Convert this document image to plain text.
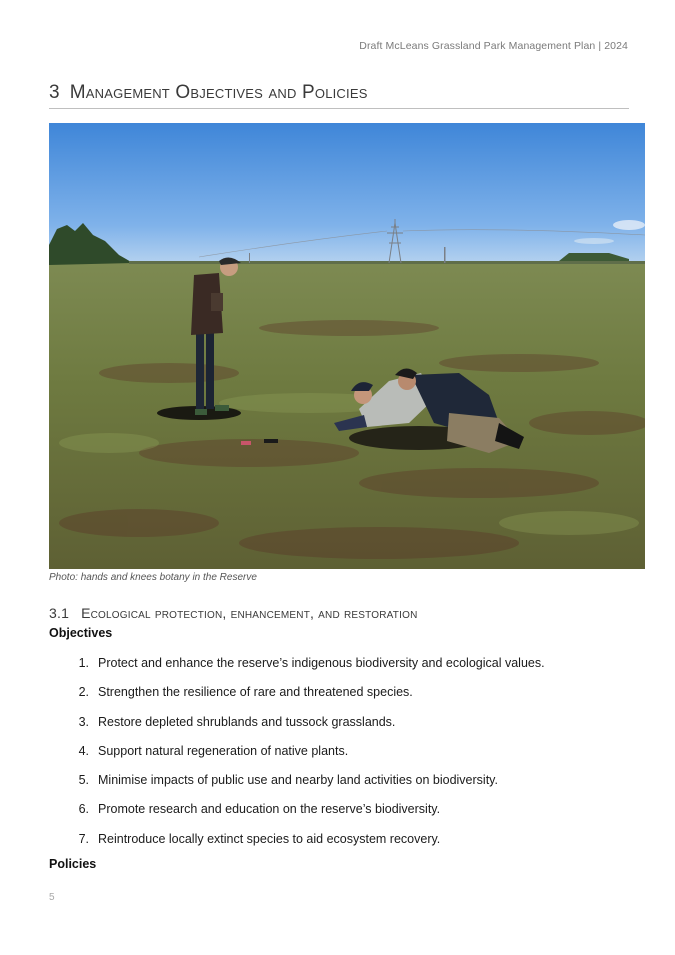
Draft McLeans Grassland Park Management Plan | 2024
3 Management Objectives and Policies
Photo: hands and knees botany in the Reserve
3.1 Ecological protection, enhancement, and restoration
Objectives
1. Protect and enhance the reserve’s indigenous biodiversity and ecological values.
2. Strengthen the resilience of rare and threatened species.
3. Restore depleted shrublands and tussock grasslands.
4. Support natural regeneration of native plants.
5. Minimise impacts of public use and nearby land activities on biodiversity.
6. Promote research and education on the reserve’s biodiversity.
7. Reintroduce locally extinct species to aid ecosystem recovery.
Policies
5
